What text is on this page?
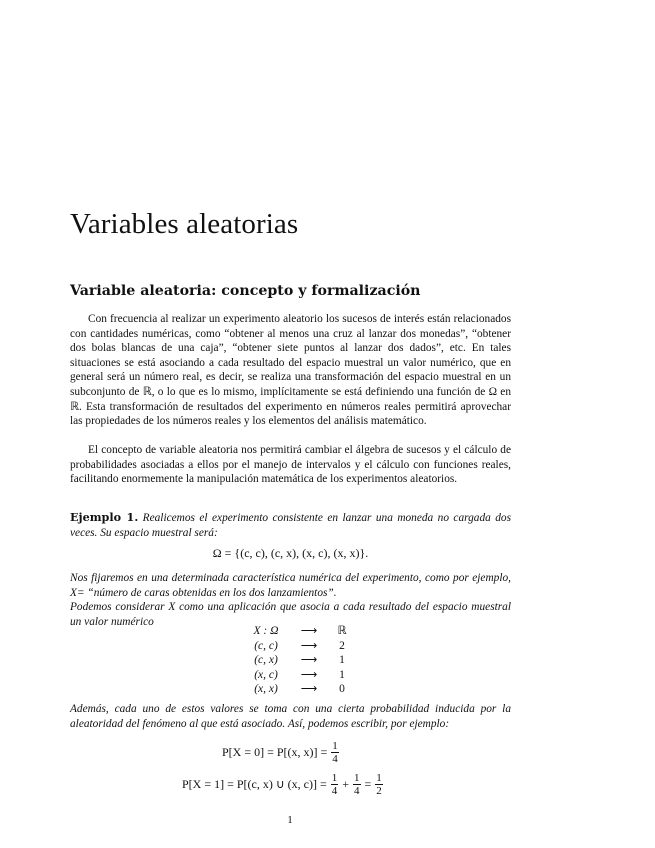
Variables aleatorias
Variable aleatoria: concepto y formalización

Con frecuencia al realizar un experimento aleatorio los sucesos de interés están relacionados con cantidades numéricas, como “obtener al menos una cruz al lanzar dos monedas”, “obtener dos bolas blancas de una caja”, “obtener siete puntos al lanzar dos dados”, etc. En tales situaciones se está asociando a cada resultado del espacio muestral un valor numérico, que en general será un número real, es decir, se realiza una transformación del espacio muestral en un subconjunto de ℝ, o lo que es lo mismo, implícitamente se está definiendo una función de Ω en ℝ. Esta transformación de resultados del experimento en números reales permitirá aprovechar las propiedades de los números reales y los elementos del análisis matemático.

El concepto de variable aleatoria nos permitirá cambiar el álgebra de sucesos y el cálculo de probabilidades asociadas a ellos por el manejo de intervalos y el cálculo con funciones reales, facilitando enormemente la manipulación matemática de los experimentos aleatorios.

Ejemplo 1. Realicemos el experimento consistente en lanzar una moneda no cargada dos veces. Su espacio muestral será:

Ω = {(c, c), (c, x), (x, c), (x, x)}.

Nos fijaremos en una determinada característica numérica del experimento, como por ejemplo, X= “número de caras obtenidas en los dos lanzamientos”.

Podemos considerar X como una aplicación que asocia a cada resultado del espacio muestral un valor numérico

X : Ω	⟶	ℝ
(c, c)	⟶	2
(c, x)	⟶	1
(x, c)	⟶	1
(x, x)	⟶	0

Además, cada uno de estos valores se toma con una cierta probabilidad inducida por la aleatoridad del fenómeno al que está asociado. Así, podemos escribir, por ejemplo:

P[X = 0] = P[(x, $x)] = \frac{1}{4}$
P[X = 1] = P[(c, x) ∪ (x, $c)] = \frac{1}{4} + \frac{1}{4} = \frac{1}{2}$
1
